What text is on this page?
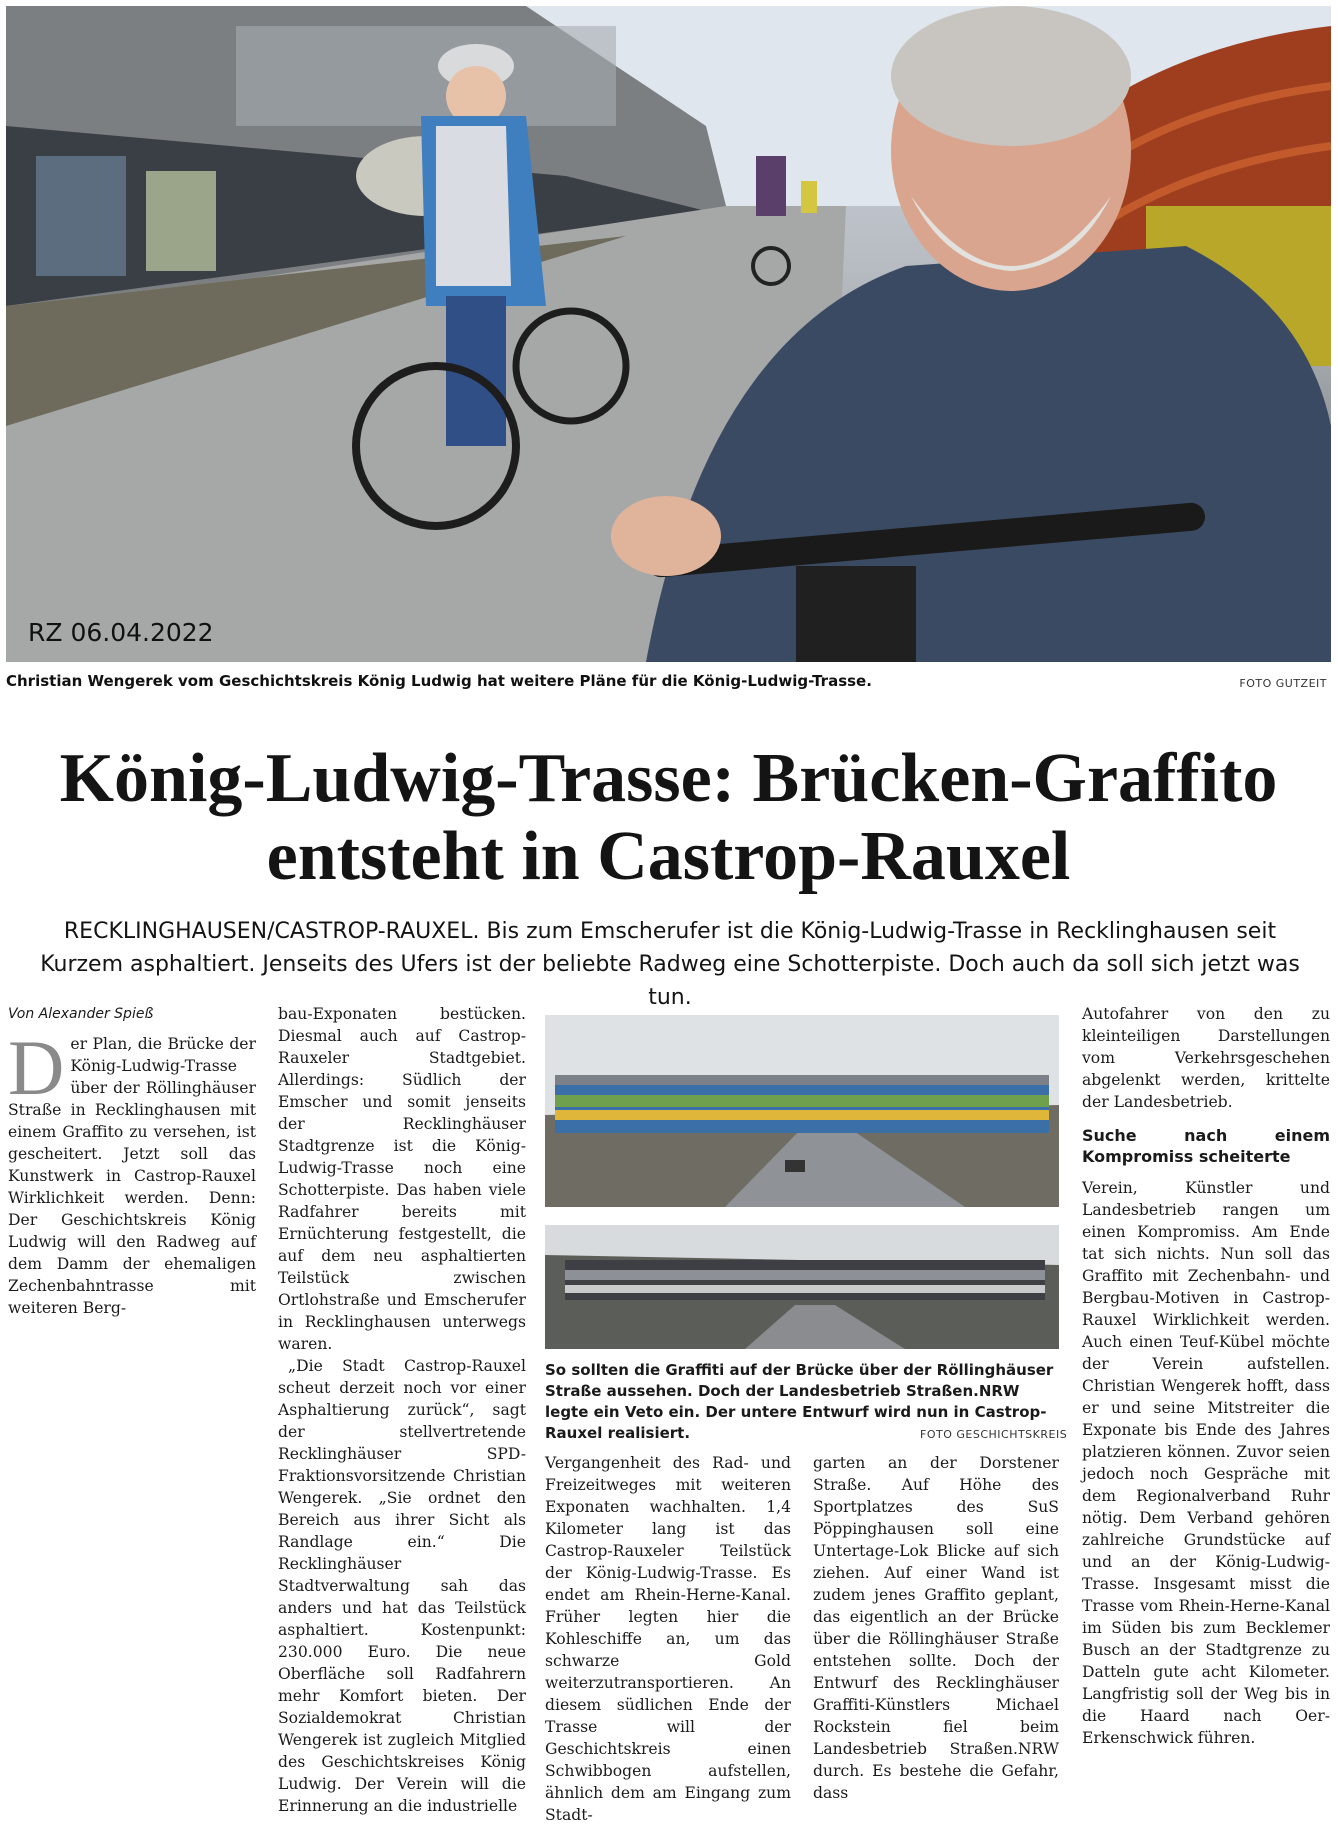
RZ 06.04.2022
Christian Wengerek vom Geschichtskreis König Ludwig hat weitere Pläne für die König-Ludwig-Trasse.	FOTO GUTZEIT
König-Ludwig-Trasse: Brücken-Graffito
entsteht in Castrop-Rauxel
RECKLINGHAUSEN/CASTROP-RAUXEL. Bis zum Emscherufer ist die König-Ludwig-Trasse in Recklinghausen seit Kurzem asphaltiert. Jenseits des Ufers ist der beliebte Radweg eine Schotterpiste. Doch auch da soll sich jetzt was tun.
Von Alexander Spieß

Der Plan, die Brücke der König-Ludwig-Trasse über der Röllinghäuser Straße in Recklinghausen mit einem Graffito zu versehen, ist gescheitert. Jetzt soll das Kunstwerk in Castrop-Rauxel Wirklichkeit werden. Denn: Der Geschichtskreis König Ludwig will den Radweg auf dem Damm der ehemaligen Zechenbahntrasse mit weiteren Berg-

bau-Exponaten bestücken. Diesmal auch auf Castrop-Rauxeler Stadtgebiet. Allerdings: Südlich der Emscher und somit jenseits der Recklinghäuser Stadtgrenze ist die König-Ludwig-Trasse noch eine Schotterpiste. Das haben viele Radfahrer bereits mit Ernüchterung festgestellt, die auf dem neu asphaltierten Teilstück zwischen Ortlohstraße und Emscherufer in Recklinghausen unterwegs waren.

„Die Stadt Castrop-Rauxel scheut derzeit noch vor einer Asphaltierung zurück“, sagt der stellvertretende Recklinghäuser SPD-Fraktionsvorsitzende Christian Wengerek. „Sie ordnet den Bereich aus ihrer Sicht als Randlage ein.“ Die Recklinghäuser Stadtverwaltung sah das anders und hat das Teilstück asphaltiert. Kostenpunkt: 230.000 Euro. Die neue Oberfläche soll Radfahrern mehr Komfort bieten. Der Sozialdemokrat Christian Wengerek ist zugleich Mitglied des Geschichtskreises König Ludwig. Der Verein will die Erinnerung an die industrielle

So sollten die Graffiti auf der Brücke über der Röllinghäuser Straße aussehen. Doch der Landesbetrieb Straßen.NRW legte ein Veto ein. Der untere Entwurf wird nun in Castrop-Rauxel realisiert.	FOTO GESCHICHTSKREIS

Vergangenheit des Rad- und Freizeitweges mit weiteren Exponaten wachhalten. 1,4 Kilometer lang ist das Castrop-Rauxeler Teilstück der König-Ludwig-Trasse. Es endet am Rhein-Herne-Kanal. Früher legten hier die Kohleschiffe an, um das schwarze Gold weiterzutransportieren. An diesem südlichen Ende der Trasse will der Geschichtskreis einen Schwibbogen aufstellen, ähnlich dem am Eingang zum Stadt-

garten an der Dorstener Straße. Auf Höhe des Sportplatzes des SuS Pöppinghausen soll eine Untertage-Lok Blicke auf sich ziehen. Auf einer Wand ist zudem jenes Graffito geplant, das eigentlich an der Brücke über die Röllinghäuser Straße entstehen sollte. Doch der Entwurf des Recklinghäuser Graffiti-Künstlers Michael Rockstein fiel beim Landesbetrieb Straßen.NRW durch. Es bestehe die Gefahr, dass

Autofahrer von den zu kleinteiligen Darstellungen vom Verkehrsgeschehen abgelenkt werden, krittelte der Landesbetrieb.

Suche nach einem Kompromiss scheiterte

Verein, Künstler und Landesbetrieb rangen um einen Kompromiss. Am Ende tat sich nichts. Nun soll das Graffito mit Zechenbahn- und Bergbau-Motiven in Castrop-Rauxel Wirklichkeit werden. Auch einen Teuf-Kübel möchte der Verein aufstellen. Christian Wengerek hofft, dass er und seine Mitstreiter die Exponate bis Ende des Jahres platzieren können. Zuvor seien jedoch noch Gespräche mit dem Regionalverband Ruhr nötig. Dem Verband gehören zahlreiche Grundstücke auf und an der König-Ludwig-Trasse. Insgesamt misst die Trasse vom Rhein-Herne-Kanal im Süden bis zum Becklemer Busch an der Stadtgrenze zu Datteln gute acht Kilometer. Langfristig soll der Weg bis in die Haard nach Oer-Erkenschwick führen.
